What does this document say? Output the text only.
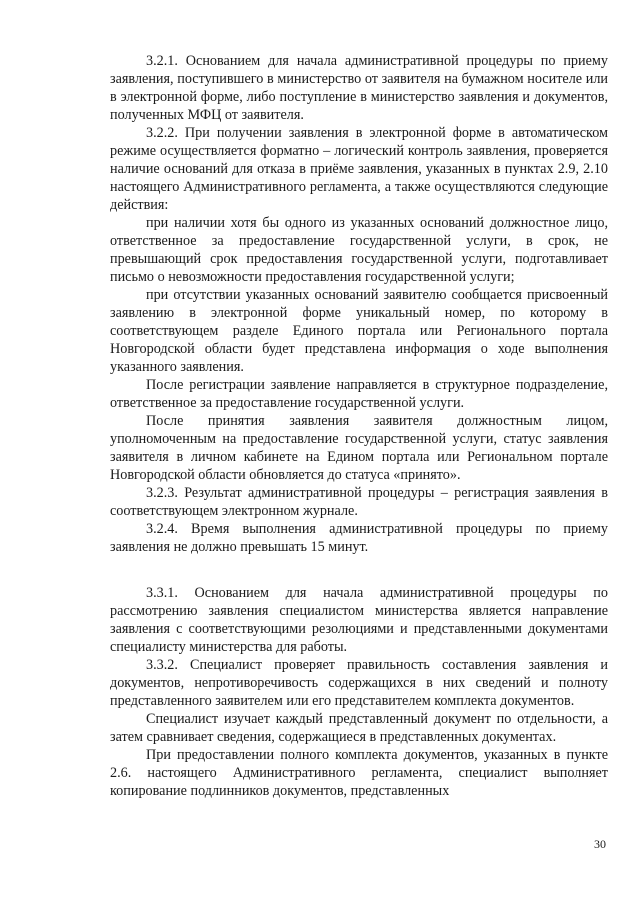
3.2.1. Основанием для начала административной процедуры по приему заявления, поступившего в министерство от заявителя на бумажном носителе или в электронной форме, либо поступление в министерство заявления и документов, полученных МФЦ от заявителя.

3.2.2. При получении заявления в электронной форме в автоматическом режиме осуществляется форматно – логический контроль заявления, проверяется наличие оснований для отказа в приёме заявления, указанных в пунктах 2.9, 2.10 настоящего Административного регламента, а также осуществляются следующие действия:

при наличии хотя бы одного из указанных оснований должностное лицо, ответственное за предоставление государственной услуги, в срок, не превышающий срок предоставления государственной услуги, подготавливает письмо о невозможности предоставления государственной услуги;

при отсутствии указанных оснований заявителю сообщается присвоенный заявлению в электронной форме уникальный номер, по которому в соответствующем разделе Единого портала или Регионального портала Новгородской области будет представлена информация о ходе выполнения указанного заявления.

После регистрации заявление направляется в структурное подразделение, ответственное за предоставление государственной услуги.

После принятия заявления заявителя должностным лицом, уполномоченным на предоставление государственной услуги, статус заявления заявителя в личном кабинете на Едином портала или Региональном портале Новгородской области обновляется до статуса «принято».

3.2.3. Результат административной процедуры – регистрация заявления в соответствующем электронном журнале.

3.2.4. Время выполнения административной процедуры по приему заявления не должно превышать 15 минут.

3.3.1. Основанием для начала административной процедуры по рассмотрению заявления специалистом министерства является направление заявления с соответствующими резолюциями и представленными документами специалисту министерства для работы.

3.3.2. Специалист проверяет правильность составления заявления и документов, непротиворечивость содержащихся в них сведений и полноту представленного заявителем или его представителем комплекта документов.

Специалист изучает каждый представленный документ по отдельности, а затем сравнивает сведения, содержащиеся в представленных документах.

При предоставлении полного комплекта документов, указанных в пункте 2.6. настоящего Административного регламента, специалист выполняет копирование подлинников документов, представленных

30
